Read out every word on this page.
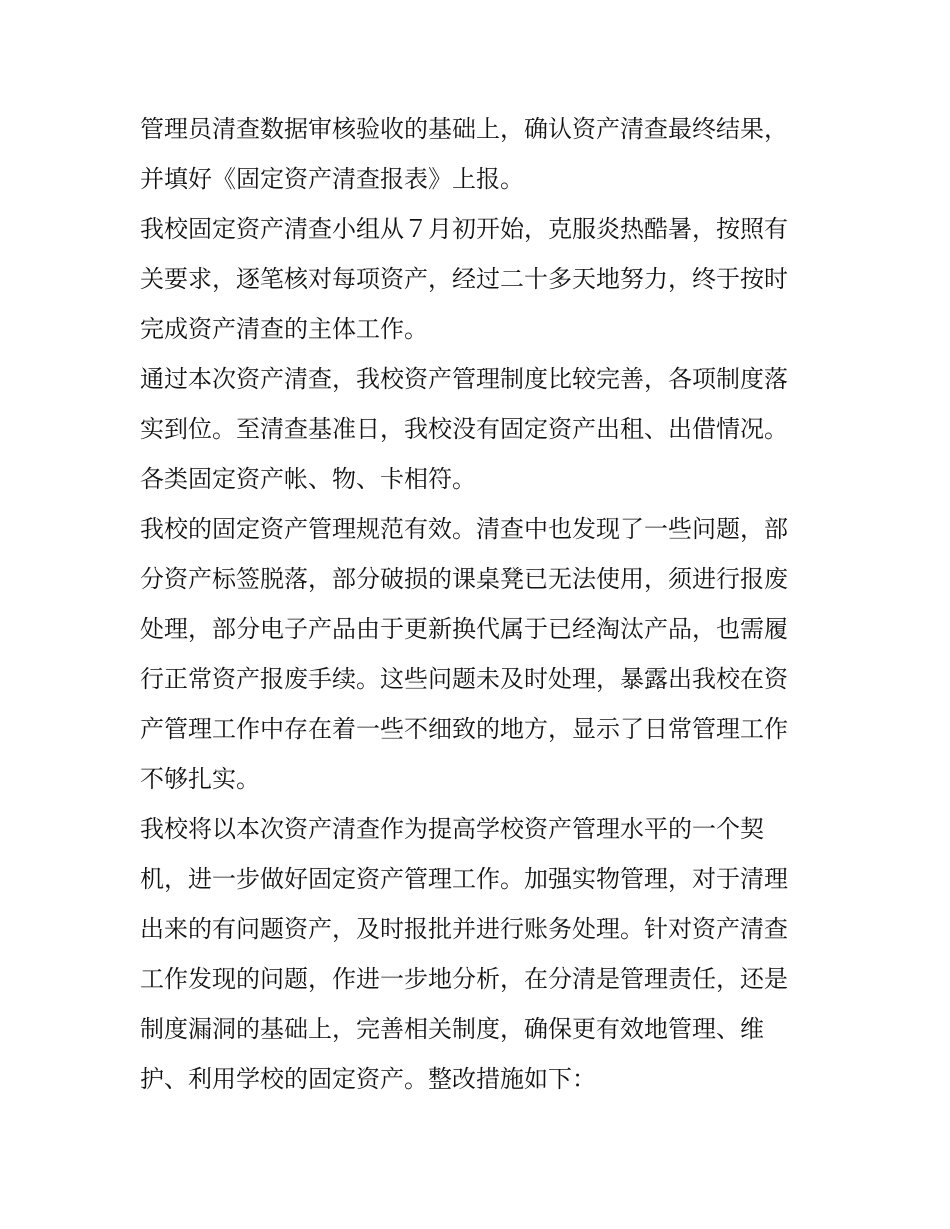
管理员清查数据审核验收的基础上，确认资产清查最终结果，
并填好《固定资产清查报表》上报。
我校固定资产清查小组从７月初开始，克服炎热酷暑，按照有
关要求，逐笔核对每项资产，经过二十多天地努力，终于按时
完成资产清查的主体工作。
通过本次资产清查，我校资产管理制度比较完善，各项制度落
实到位。至清查基准日，我校没有固定资产出租、出借情况。
各类固定资产帐、物、卡相符。
我校的固定资产管理规范有效。清查中也发现了一些问题，部
分资产标签脱落，部分破损的课桌凳已无法使用，须进行报废
处理，部分电子产品由于更新换代属于已经淘汰产品，也需履
行正常资产报废手续。这些问题未及时处理，暴露出我校在资
产管理工作中存在着一些不细致的地方，显示了日常管理工作
不够扎实。
我校将以本次资产清查作为提高学校资产管理水平的一个契
机，进一步做好固定资产管理工作。加强实物管理，对于清理
出来的有问题资产，及时报批并进行账务处理。针对资产清查
工作发现的问题，作进一步地分析，在分清是管理责任，还是
制度漏洞的基础上，完善相关制度，确保更有效地管理、维
护、利用学校的固定资产。整改措施如下：
